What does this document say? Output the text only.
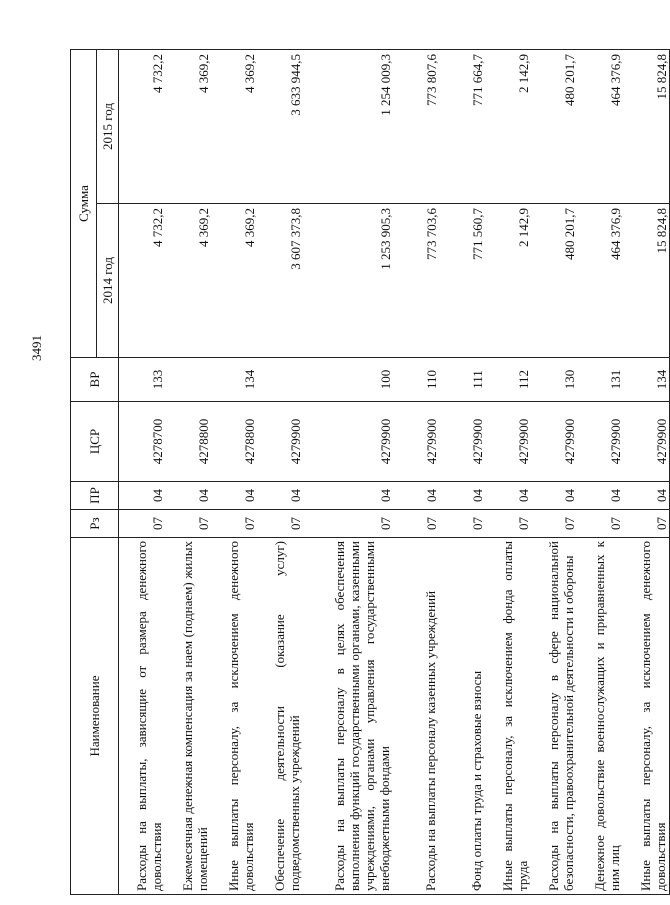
3491
Наименование	Рз	ПР	ЦСР	ВР	Сумма	
					2014 год	2015 год
Расходы на выплаты, зависящие от размера денежного довольствия	07	04	4278700	133	4 732,2	4 732,2
Ежемесячная денежная компенсация за наем (поднаем) жилых помещений	07	04	4278800		4 369,2	4 369,2
Иные выплаты персоналу, за исключением денежного довольствия	07	04	4278800	134	4 369,2	4 369,2
Обеспечение деятельности (оказание услуг) подведомственных учреждений	07	04	4279900		3 607 373,8	3 633 944,5
Расходы на выплаты персоналу в целях обеспечения выполнения функций государственными органами, казенными учреждениями, органами управления государственными внебюджетными фондами	07	04	4279900	100	1 253 905,3	1 254 009,3
Расходы на выплаты персоналу казенных учреждений	07	04	4279900	110	773 703,6	773 807,6
Фонд оплаты труда и страховые взносы	07	04	4279900	111	771 560,7	771 664,7
Иные выплаты персоналу, за исключением фонда оплаты труда	07	04	4279900	112	2 142,9	2 142,9
Расходы на выплаты персоналу в сфере национальной безопасности, правоохранительной деятельности и обороны	07	04	4279900	130	480 201,7	480 201,7
Денежное довольствие военнослужащих и приравненных к ним лиц	07	04	4279900	131	464 376,9	464 376,9
Иные выплаты персоналу, за исключением денежного довольствия	07	04	4279900	134	15 824,8	15 824,8
